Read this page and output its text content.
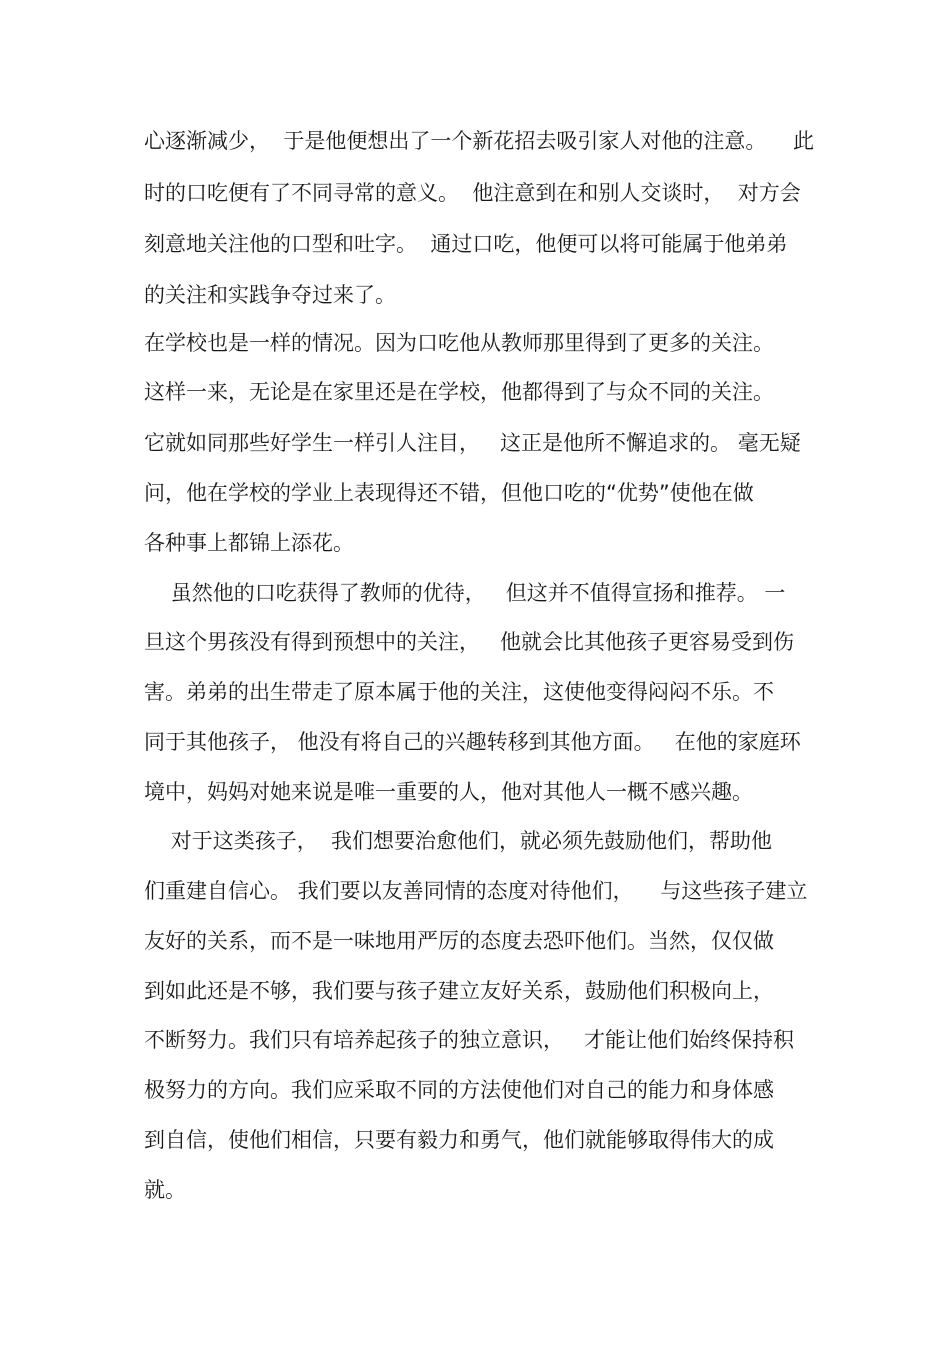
心逐渐减少，  于是他便想出了一个新花招去吸引家人对他的注意。    此
时的口吃便有了不同寻常的意义。  他注意到在和别人交谈时，  对方会
刻意地关注他的口型和吐字。  通过口吃，他便可以将可能属于他弟弟
的关注和实践争夺过来了。
在学校也是一样的情况。因为口吃他从教师那里得到了更多的关注。
这样一来，无论是在家里还是在学校，他都得到了与众不同的关注。
它就如同那些好学生一样引人注目，   这正是他所不懈追求的。 毫无疑
问，他在学校的学业上表现得还不错，但他口吃的“优势”使他在做
各种事上都锦上添花。
虽然他的口吃获得了教师的优待，   但这并不值得宣扬和推荐。 一
旦这个男孩没有得到预想中的关注，   他就会比其他孩子更容易受到伤
害。弟弟的出生带走了原本属于他的关注，这使他变得闷闷不乐。不
同于其他孩子， 他没有将自己的兴趣转移到其他方面。   在他的家庭环
境中，妈妈对她来说是唯一重要的人，他对其他人一概不感兴趣。
对于这类孩子，  我们想要治愈他们，就必须先鼓励他们，帮助他
们重建自信心。 我们要以友善同情的态度对待他们，    与这些孩子建立
友好的关系，而不是一味地用严厉的态度去恐吓他们。当然，仅仅做
到如此还是不够，我们要与孩子建立友好关系，鼓励他们积极向上，
不断努力。我们只有培养起孩子的独立意识，   才能让他们始终保持积
极努力的方向。我们应采取不同的方法使他们对自己的能力和身体感
到自信，使他们相信，只要有毅力和勇气，他们就能够取得伟大的成
就。
